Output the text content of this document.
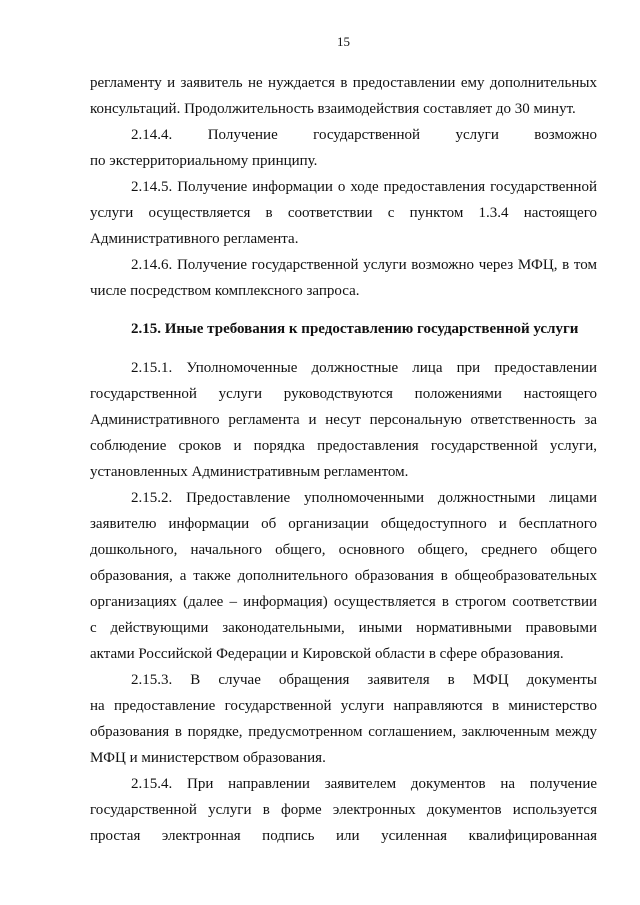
15
регламенту и заявитель не нуждается в предоставлении ему дополнительных
консультаций. Продолжительность взаимодействия составляет до 30 минут.
2.14.4. Получение государственной услуги возможно
по экстерриториальному принципу.
2.14.5. Получение информации о ходе предоставления государственной
услуги осуществляется в соответствии с пунктом 1.3.4 настоящего
Административного регламента.
2.14.6. Получение государственной услуги возможно через МФЦ, в том
числе посредством комплексного запроса.
2.15. Иные требования к предоставлению государственной услуги
2.15.1. Уполномоченные должностные лица при предоставлении
государственной услуги руководствуются положениями настоящего
Административного регламента и несут персональную ответственность за
соблюдение сроков и порядка предоставления государственной услуги,
установленных Административным регламентом.
2.15.2. Предоставление уполномоченными должностными лицами
заявителю информации об организации общедоступного и бесплатного
дошкольного, начального общего, основного общего, среднего общего
образования, а также дополнительного образования в общеобразовательных
организациях (далее – информация) осуществляется в строгом соответствии
с действующими законодательными, иными нормативными правовыми
актами Российской Федерации и Кировской области в сфере образования.
2.15.3. В случае обращения заявителя в МФЦ документы
на предоставление государственной услуги направляются в министерство
образования в порядке, предусмотренном соглашением, заключенным между
МФЦ и министерством образования.
2.15.4. При направлении заявителем документов на получение
государственной услуги в форме электронных документов используется
простая электронная подпись или усиленная квалифицированная
